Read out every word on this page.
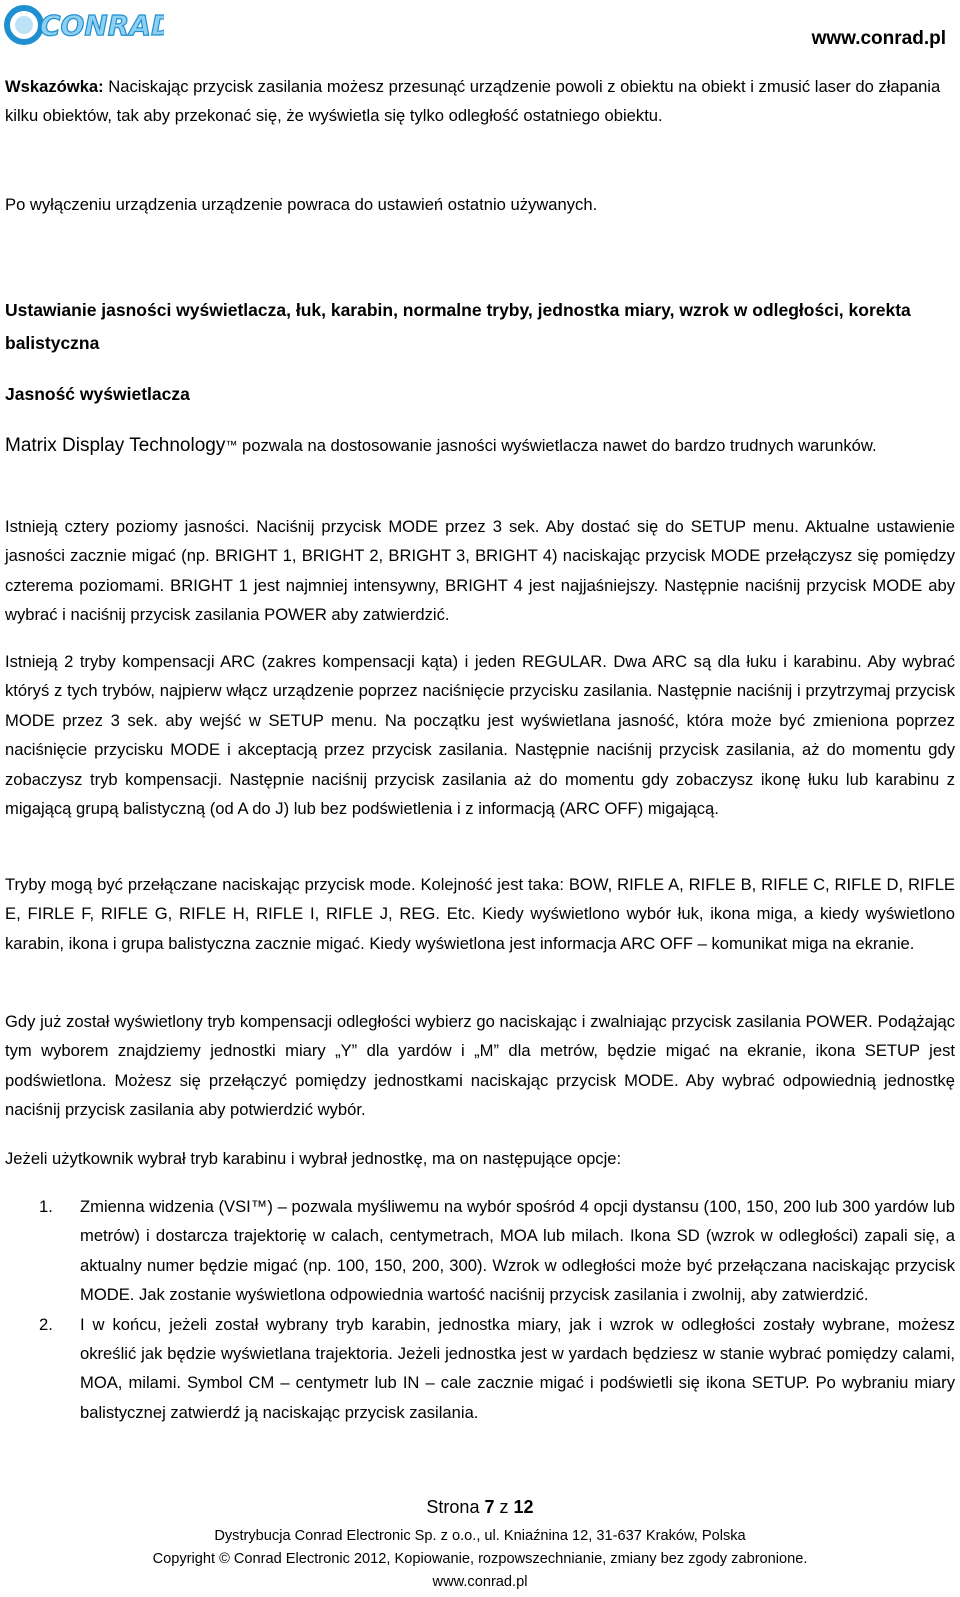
CONRAD	www.conrad.pl

Wskazówka: Naciskając przycisk zasilania możesz przesunąć urządzenie powoli z obiektu na obiekt i zmusić laser do złapania kilku obiektów, tak aby przekonać się, że wyświetla się tylko odległość ostatniego obiektu.

Po wyłączeniu urządzenia urządzenie powraca do ustawień ostatnio używanych.

Ustawianie jasności wyświetlacza, łuk, karabin, normalne tryby, jednostka miary, wzrok w odległości, korekta balistyczna

Jasność wyświetlacza

Matrix Display Technology™ pozwala na dostosowanie jasności wyświetlacza nawet do bardzo trudnych warunków.

Istnieją cztery poziomy jasności. Naciśnij przycisk MODE przez 3 sek. Aby dostać się do SETUP menu. Aktualne ustawienie jasności zacznie migać (np. BRIGHT 1, BRIGHT 2, BRIGHT 3, BRIGHT 4) naciskając przycisk MODE przełączysz się pomiędzy czterema poziomami. BRIGHT 1 jest najmniej intensywny, BRIGHT 4 jest najjaśniejszy. Następnie naciśnij przycisk MODE aby wybrać i naciśnij przycisk zasilania POWER aby zatwierdzić.

Istnieją 2 tryby kompensacji ARC (zakres kompensacji kąta) i jeden REGULAR. Dwa ARC są dla łuku i karabinu. Aby wybrać któryś z tych trybów, najpierw włącz urządzenie poprzez naciśnięcie przycisku zasilania. Następnie naciśnij i przytrzymaj przycisk MODE przez 3 sek. aby wejść w SETUP menu. Na początku jest wyświetlana jasność, która może być zmieniona poprzez naciśnięcie przycisku MODE i akceptacją przez przycisk zasilania. Następnie naciśnij przycisk zasilania, aż do momentu gdy zobaczysz tryb kompensacji. Następnie naciśnij przycisk zasilania aż do momentu gdy zobaczysz ikonę łuku lub karabinu z migającą grupą balistyczną (od A do J) lub bez podświetlenia i z informacją (ARC OFF) migającą.

Tryby mogą być przełączane naciskając przycisk mode. Kolejność jest taka: BOW, RIFLE A, RIFLE B, RIFLE C, RIFLE D, RIFLE E, FIRLE F, RIFLE G, RIFLE H, RIFLE I, RIFLE J, REG. Etc. Kiedy wyświetlono wybór łuk, ikona miga, a kiedy wyświetlono karabin, ikona i grupa balistyczna zacznie migać. Kiedy wyświetlona jest informacja ARC OFF – komunikat miga na ekranie.

Gdy już został wyświetlony tryb kompensacji odległości wybierz go naciskając i zwalniając przycisk zasilania POWER. Podążając tym wyborem znajdziemy jednostki miary „Y” dla yardów i „M” dla metrów, będzie migać na ekranie, ikona SETUP jest podświetlona. Możesz się przełączyć pomiędzy jednostkami naciskając przycisk MODE. Aby wybrać odpowiednią jednostkę naciśnij przycisk zasilania aby potwierdzić wybór.

Jeżeli użytkownik wybrał tryb karabinu i wybrał jednostkę, ma on następujące opcje:

1. Zmienna widzenia (VSI™) – pozwala myśliwemu na wybór spośród 4 opcji dystansu (100, 150, 200 lub 300 yardów lub metrów) i dostarcza trajektorię w calach, centymetrach, MOA lub milach. Ikona SD (wzrok w odległości) zapali się, a aktualny numer będzie migać (np. 100, 150, 200, 300). Wzrok w odległości może być przełączana naciskając przycisk MODE. Jak zostanie wyświetlona odpowiednia wartość naciśnij przycisk zasilania i zwolnij, aby zatwierdzić.
2. I w końcu, jeżeli został wybrany tryb karabin, jednostka miary, jak i wzrok w odległości zostały wybrane, możesz określić jak będzie wyświetlana trajektoria. Jeżeli jednostka jest w yardach będziesz w stanie wybrać pomiędzy calami, MOA, milami. Symbol CM – centymetr lub IN – cale zacznie migać i podświetli się ikona SETUP. Po wybraniu miary balistycznej zatwierdź ją naciskając przycisk zasilania.
Strona 7 z 12
Dystrybucja Conrad Electronic Sp. z o.o., ul. Kniaźnina 12, 31-637 Kraków, Polska
Copyright © Conrad Electronic 2012, Kopiowanie, rozpowszechnianie, zmiany bez zgody zabronione.
www.conrad.pl
